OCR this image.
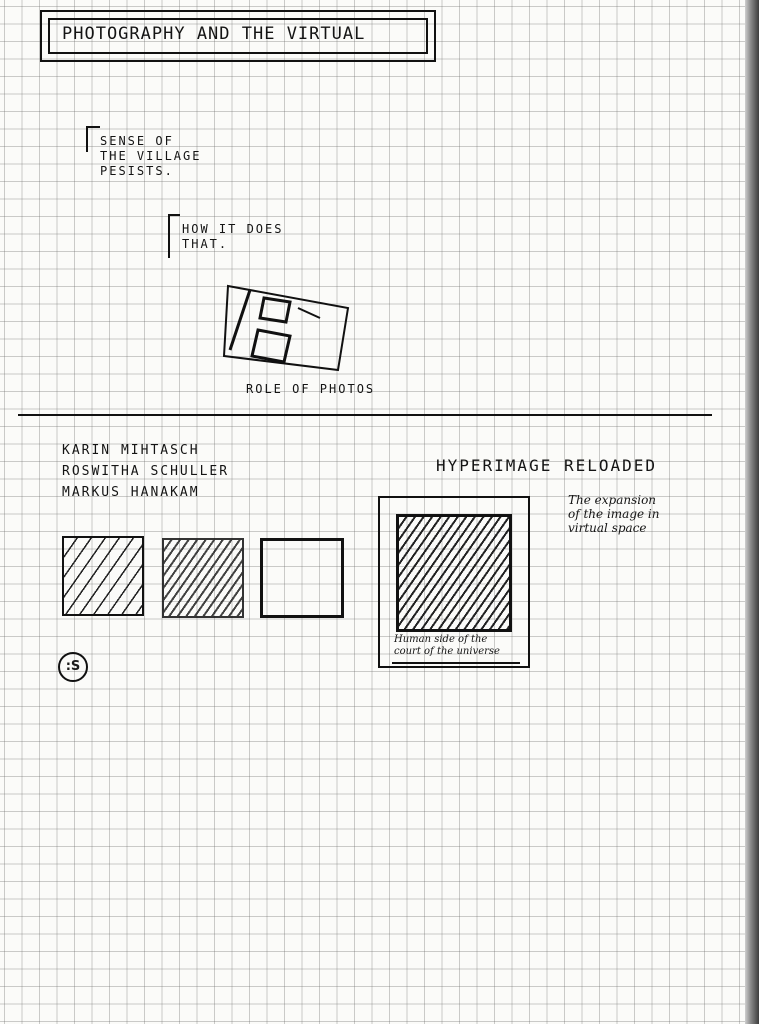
PHOTOGRAPHY AND THE VIRTUAL
SENSE OF
THE VILLAGE
PESISTS.
HOW IT DOES
THAT.
ROLE OF PHOTOS
KARIN MIHTASCH
ROSWITHA SCHULLER
MARKUS HANAKAM
:S
HYPERIMAGE RELOADED
The expansion
of the image in
virtual space
Human side of the
court of the universe
